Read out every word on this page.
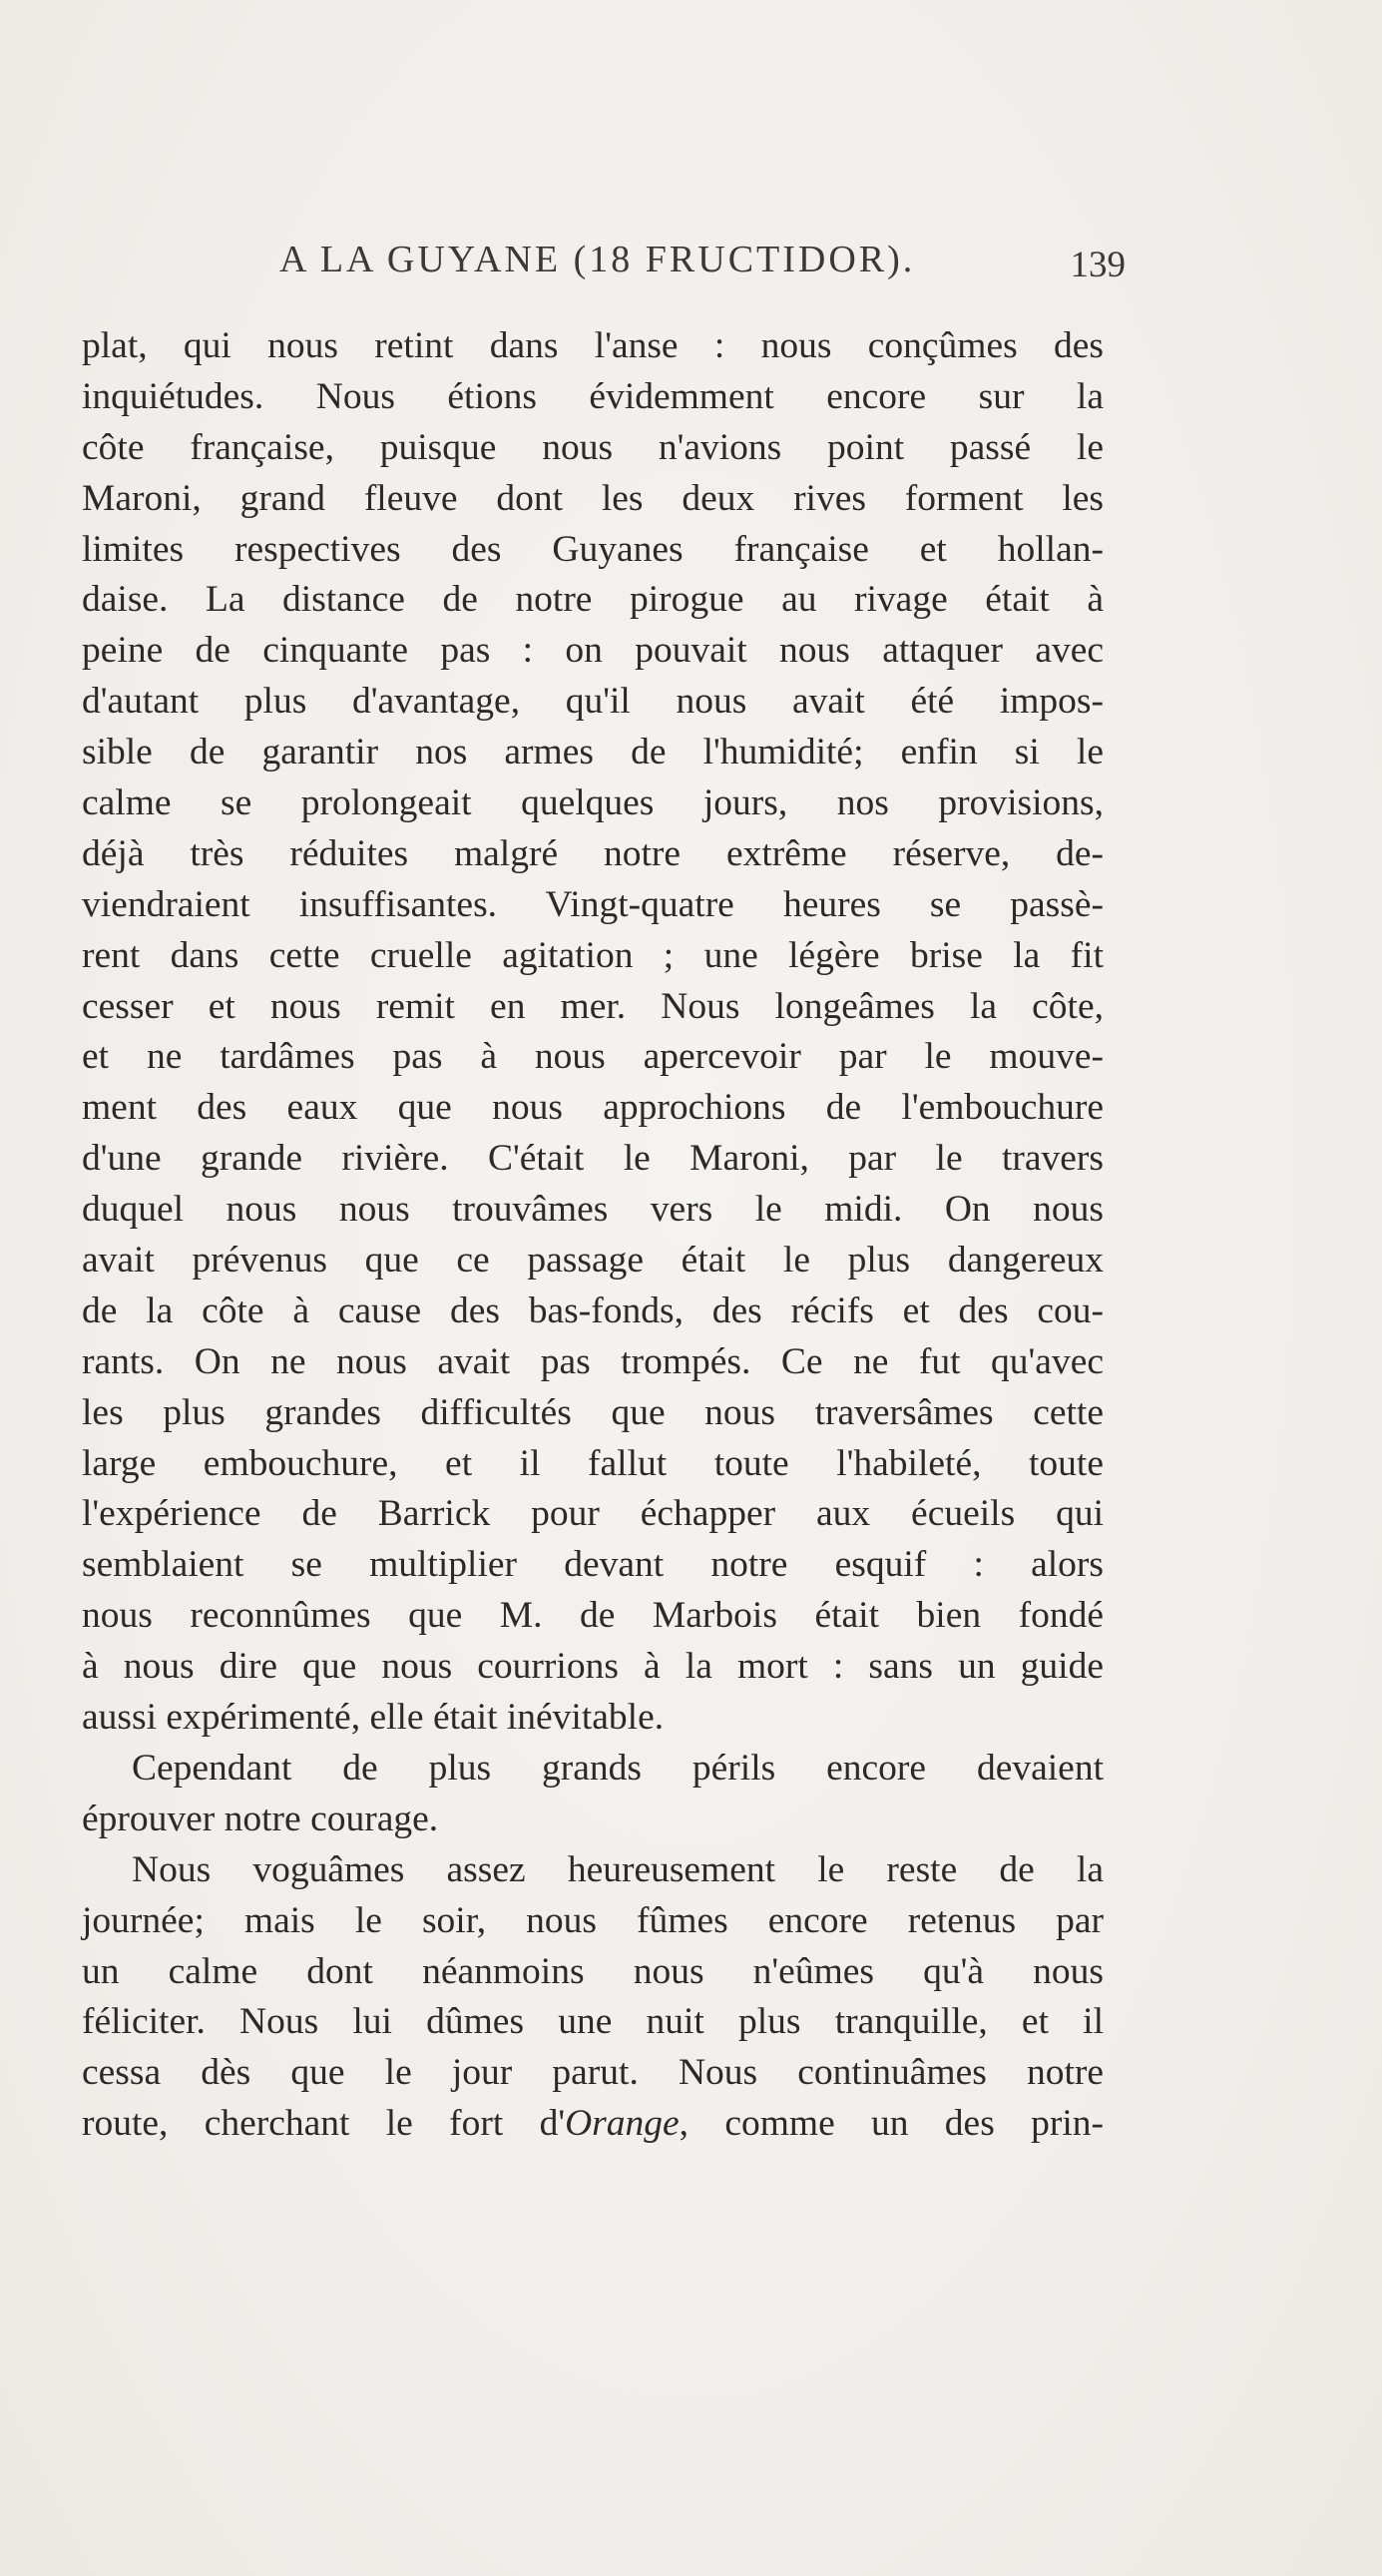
A LA GUYANE (18 FRUCTIDOR).	139
plat, qui nous retint dans l'anse : nous conçûmes des
inquiétudes. Nous étions évidemment encore sur la
côte française, puisque nous n'avions point passé le
Maroni, grand fleuve dont les deux rives forment les
limites respectives des Guyanes française et hollan-
daise. La distance de notre pirogue au rivage était à
peine de cinquante pas : on pouvait nous attaquer avec
d'autant plus d'avantage, qu'il nous avait été impos-
sible de garantir nos armes de l'humidité; enfin si le
calme se prolongeait quelques jours, nos provisions,
déjà très réduites malgré notre extrême réserve, de-
viendraient insuffisantes. Vingt-quatre heures se passè-
rent dans cette cruelle agitation ; une légère brise la fit
cesser et nous remit en mer. Nous longeâmes la côte,
et ne tardâmes pas à nous apercevoir par le mouve-
ment des eaux que nous approchions de l'embouchure
d'une grande rivière. C'était le Maroni, par le travers
duquel nous nous trouvâmes vers le midi. On nous
avait prévenus que ce passage était le plus dangereux
de la côte à cause des bas-fonds, des récifs et des cou-
rants. On ne nous avait pas trompés. Ce ne fut qu'avec
les plus grandes difficultés que nous traversâmes cette
large embouchure, et il fallut toute l'habileté, toute
l'expérience de Barrick pour échapper aux écueils qui
semblaient se multiplier devant notre esquif : alors
nous reconnûmes que M. de Marbois était bien fondé
à nous dire que nous courrions à la mort : sans un guide
aussi expérimenté, elle était inévitable.
Cependant de plus grands périls encore devaient
éprouver notre courage.
Nous voguâmes assez heureusement le reste de la
journée; mais le soir, nous fûmes encore retenus par
un calme dont néanmoins nous n'eûmes qu'à nous
féliciter. Nous lui dûmes une nuit plus tranquille, et il
cessa dès que le jour parut. Nous continuâmes notre
route, cherchant le fort d'Orange, comme un des prin-
